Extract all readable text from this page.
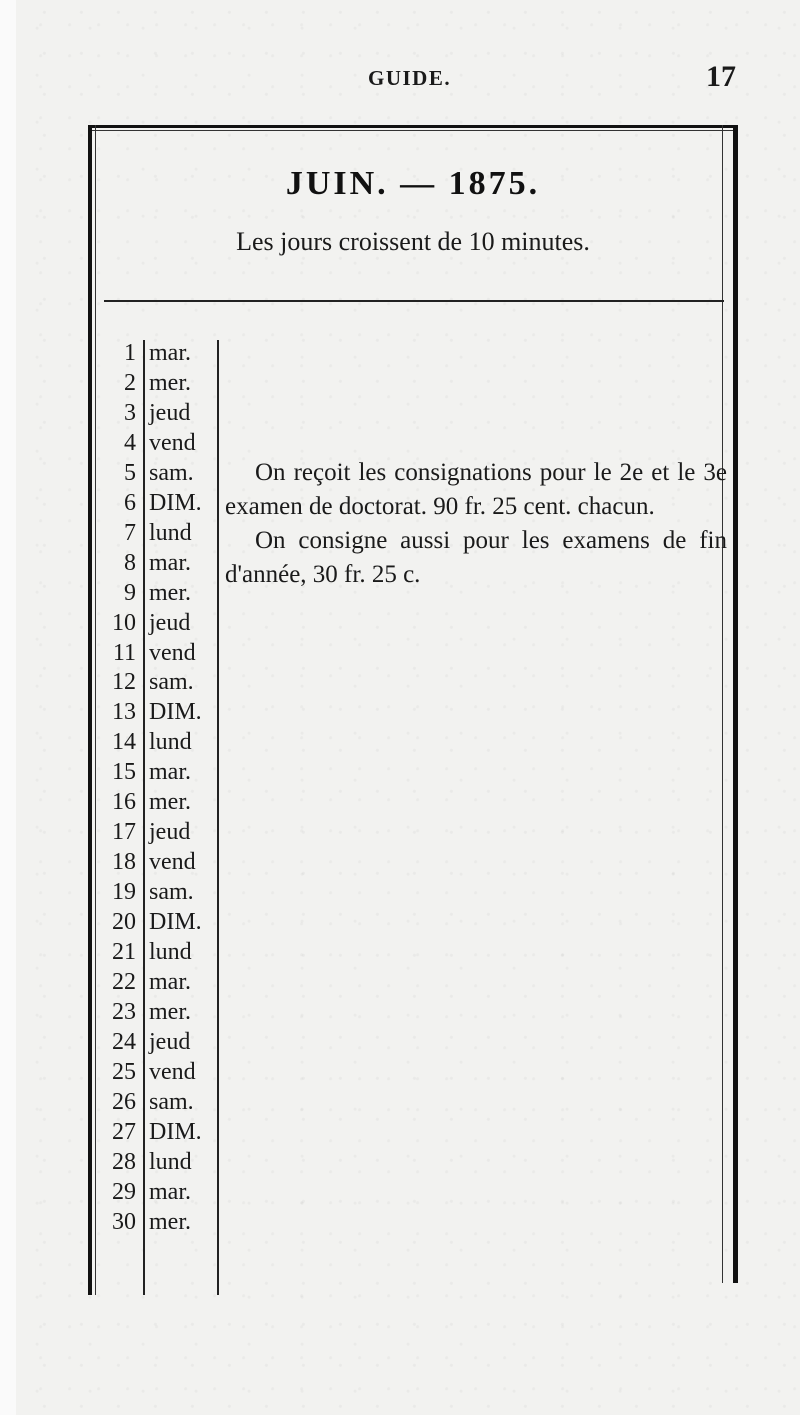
GUIDE.	17
JUIN. — 1875.
Les jours croissent de 10 minutes.
1 mar.
2 mer.
3 jeud
4 vend
5 sam.
6 DIM.
7 lund
8 mar.
9 mer.
10 jeud
11 vend
12 sam.
13 DIM.
14 lund
15 mar.
16 mer.
17 jeud
18 vend
19 sam.
20 DIM.
21 lund
22 mar.
23 mer.
24 jeud
25 vend
26 sam.
27 DIM.
28 lund
29 mar.
30 mer.

On reçoit les consignations pour le 2e et le 3e examen de doctorat. 90 fr. 25 cent. chacun.

On consigne aussi pour les examens de fin d'année, 30 fr. 25 c.
